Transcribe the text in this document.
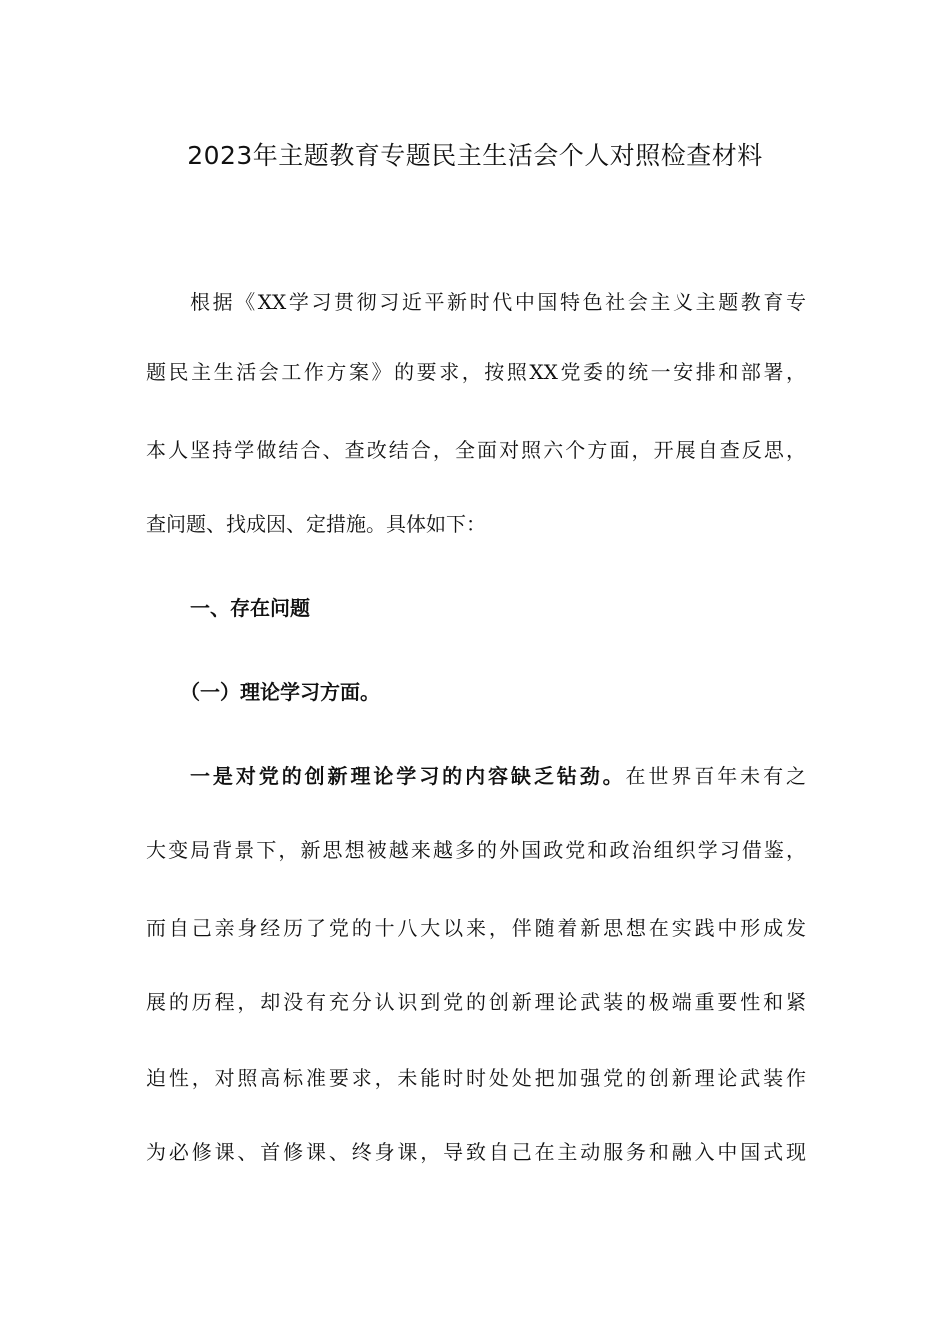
2023年主题教育专题民主生活会个人对照检查材料
根据《XX学习贯彻习近平新时代中国特色社会主义主题教育专
题民主生活会工作方案》的要求，按照XX党委的统一安排和部署，
本人坚持学做结合、查改结合，全面对照六个方面，开展自查反思，
查问题、找成因、定措施。具体如下：
一、存在问题
（一）理论学习方面。
一是对党的创新理论学习的内容缺乏钻劲。在世界百年未有之
大变局背景下，新思想被越来越多的外国政党和政治组织学习借鉴，
而自己亲身经历了党的十八大以来，伴随着新思想在实践中形成发
展的历程，却没有充分认识到党的创新理论武装的极端重要性和紧
迫性，对照高标准要求，未能时时处处把加强党的创新理论武装作
为必修课、首修课、终身课，导致自己在主动服务和融入中国式现
